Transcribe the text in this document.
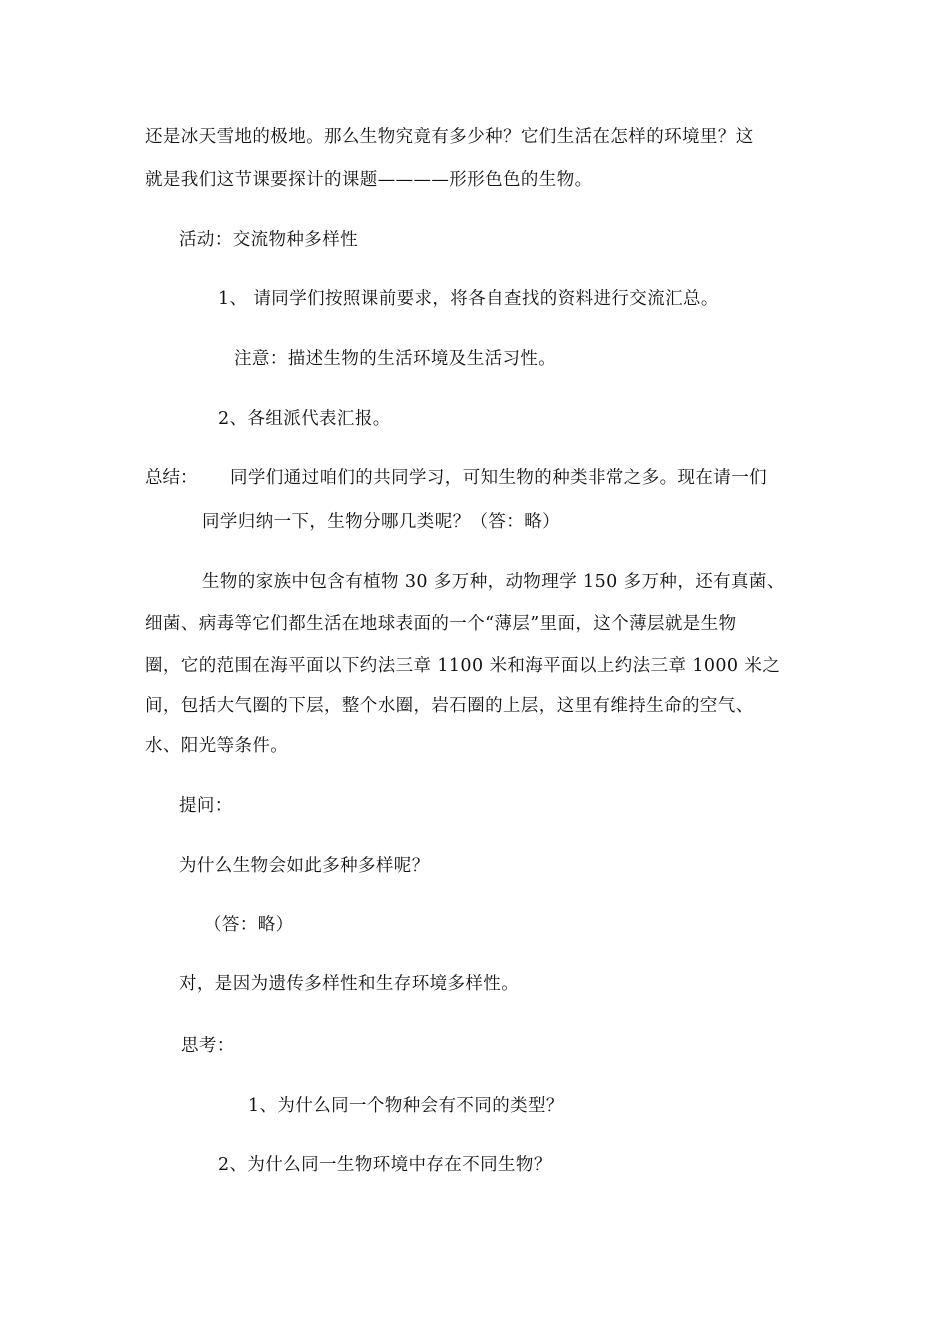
还是冰天雪地的极地。那么生物究竟有多少种？它们生活在怎样的环境里？这
就是我们这节课要探计的课题————形形色色的生物。
活动：交流物种多样性
1、 请同学们按照课前要求，将各自查找的资料进行交流汇总。
注意：描述生物的生活环境及生活习性。
2、各组派代表汇报。
总结： 同学们通过咱们的共同学习，可知生物的种类非常之多。现在请一们
同学归纳一下，生物分哪几类呢？（答：略）
生物的家族中包含有植物 30 多万种，动物理学 150 多万种，还有真菌、
细菌、病毒等它们都生活在地球表面的一个“薄层”里面，这个薄层就是生物
圈，它的范围在海平面以下约法三章 1100 米和海平面以上约法三章 1000 米之
间，包括大气圈的下层，整个水圈，岩石圈的上层，这里有维持生命的空气、
水、阳光等条件。
提问：
为什么生物会如此多种多样呢？
（答：略）
对，是因为遗传多样性和生存环境多样性。
思考：
1、为什么同一个物种会有不同的类型？
2、为什么同一生物环境中存在不同生物？
